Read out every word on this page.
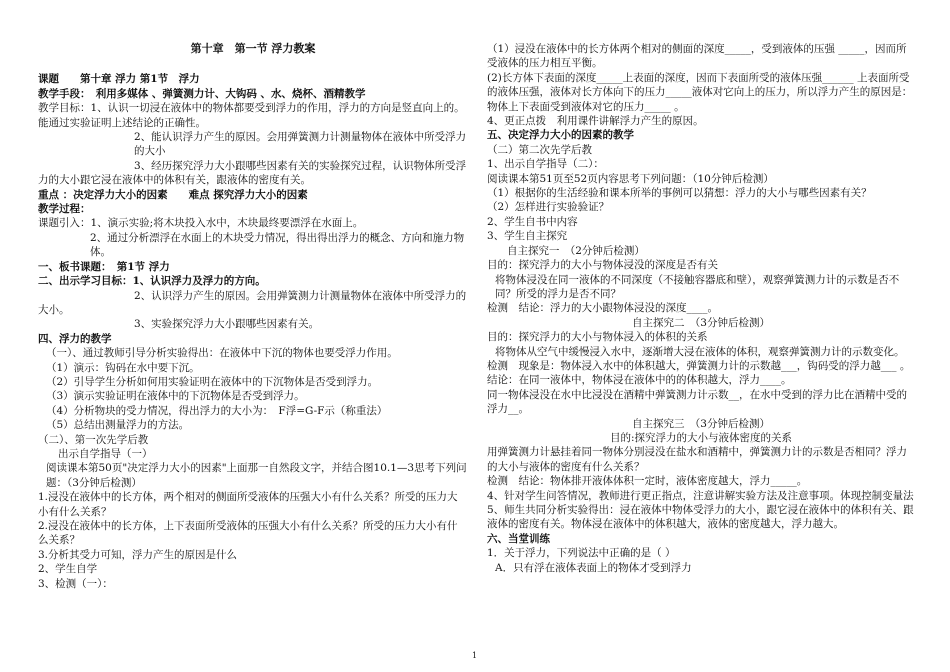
第十章　第一节 浮力教案

课题　　第十章 浮力 第1节　浮力

教学手段：　利用多媒体 、弹簧测力计、大钩码 、水、烧杯、酒精教学

教学目标：1、认识一切浸在液体中的物体都要受到浮力的作用，浮力的方向是竖直向上的。能通过实验证明上述结论的正确性。

2、能认识浮力产生的原因。会用弹簧测力计测量物体在液体中所受浮力的大小

3、经历探究浮力大小跟哪些因素有关的实验探究过程，认识物体所受浮力的大小跟它浸在液体中的体积有关，跟液体的密度有关。

重点 ：决定浮力大小的因素　　难点 探究浮力大小的因素

教学过程：

课题引入：1、演示实验;将木块投入水中，木块最终要漂浮在水面上。

2、通过分析漂浮在水面上的木块受力情况，得出得出浮力的概念、方向和施力物体。

一、板书课题：　第1节 浮力

二、出示学习目标：1、认识浮力及浮力的方向。

2、认识浮力产生的原因。会用弹簧测力计测量物体在液体中所受浮力的大小。

3、实验探究浮力大小跟哪些因素有关。

四、浮力的教学

（一）、通过教师引导分析实验得出：在液体中下沉的物体也要受浮力作用。

（1）演示：钩码在水中要下沉。

（2）引导学生分析如何用实验证明在液体中的下沉物体是否受到浮力。

（3）演示实验证明在液体中的下沉物体是否受到浮力。

（4）分析物块的受力情况，得出浮力的大小为：　F浮=G-F示（称重法）

（5）总结出测量浮力的方法。

（二）、第一次先学后教

出示自学指导（一）

阅读课本第50页"决定浮力大小的因素"上面那一自然段文字，并结合图10.1—3思考下列问题：（3分钟后检测）

1.浸没在液体中的长方体，两个相对的侧面所受液体的压强大小有什么关系？所受的压力大小有什么关系？

2.浸没在液体中的长方体，上下表面所受液体的压强大小有什么关系？所受的压力大小有什么关系？

3.分析其受力可知，浮力产生的原因是什么

2、学生自学

3、检测（一）：

（1）浸没在液体中的长方体两个相对的侧面的深度_____，受到液体的压强 _____，因而所受液体的压力相互平衡。

(2)长方体下表面的深度_____上表面的深度，因而下表面所受的液体压强______ 上表面所受的液体压强，液体对长方体向下的压力_____液体对它向上的压力，所以浮力产生的原因是：物体上下表面受到液体对它的压力_____ 。

4、更正点拨　利用课件讲解浮力产生的原因。

五、决定浮力大小的因素的教学

（二）第二次先学后教

1、出示自学指导（二）：

阅读课本第51页至52页内容思考下列问题：（10分钟后检测）

（1）根据你的生活经验和课本所举的事例可以猜想：浮力的大小与哪些因素有关？

（2）怎样进行实验验证？

2、学生自书中内容

3、学生自主探究

自主探究一　（2分钟后检测）

目的：探究浮力的大小与物体浸没的深度是否有关

将物体浸没在同一液体的不同深度（不接触容器底和壁），观察弹簧测力计的示数是否不同？所受的浮力是否不同？

检测　结论：浮力的大小跟物体浸没的深度____。

自主探究二　（3分钟后检测）

目的：探究浮力的大小与物体浸入的体积的关系

将物体从空气中缓慢浸入水中，逐渐增大浸在液体的体积，观察弹簧测力计的示数变化。

检测　现象是：物体浸入水中的体积越大，弹簧测力计的示数越___，钩码受的浮力越___ 。

结论：在同一液体中，物体浸在液体中的的体积越大，浮力____。

同一物体浸没在水中比浸没在酒精中弹簧测力计示数__，在水中受到的浮力比在酒精中受的浮力__。

自主探究三　（3分钟后检测）

目的:探究浮力的大小与液体密度的关系

用弹簧测力计悬挂着同一物体分别浸没在盐水和酒精中，弹簧测力计的示数是否相同？浮力的大小与液体的密度有什么关系？

检测　结论：物体排开液体体积一定时，液体密度越大，浮力_____。

4、针对学生问答情况，教师进行更正指点，注意讲解实验方法及注意事项。体现控制变量法

5、师生共同分析实验得出：浸在液体中物体受浮力的大小，跟它浸在液体中的体积有关、跟液体的密度有关。物体浸在液体中的体积越大，液体的密度越大，浮力越大。

六、当堂训练

1．关于浮力，下列说法中正确的是（ ）

A．只有浮在液体表面上的物体才受到浮力

1
